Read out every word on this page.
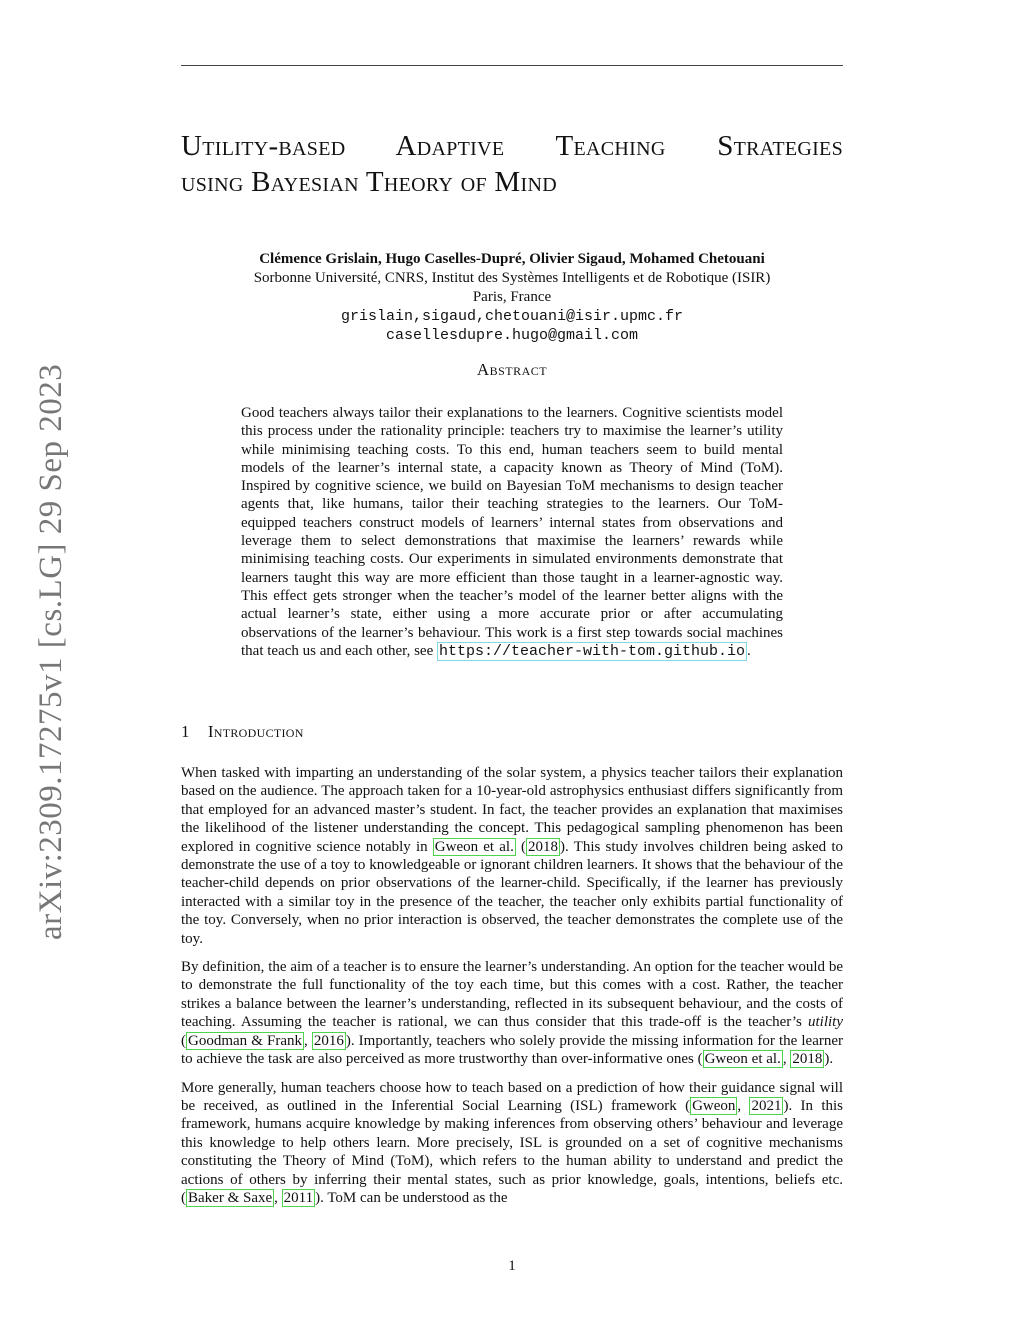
arXiv:2309.17275v1 [cs.LG] 29 Sep 2023
Utility-based Adaptive Teaching Strategies
using Bayesian Theory of Mind
Clémence Grislain, Hugo Caselles-Dupré, Olivier Sigaud, Mohamed Chetouani
Sorbonne Université, CNRS, Institut des Systèmes Intelligents et de Robotique (ISIR)
Paris, France
grislain,sigaud,chetouani@isir.upmc.fr
casellesdupre.hugo@gmail.com
Abstract
Good teachers always tailor their explanations to the learners. Cognitive scientists model this process under the rationality principle: teachers try to maximise the learner’s utility while minimising teaching costs. To this end, human teachers seem to build mental models of the learner’s internal state, a capacity known as Theory of Mind (ToM). Inspired by cognitive science, we build on Bayesian ToM mechanisms to design teacher agents that, like humans, tailor their teaching strategies to the learners. Our ToM-equipped teachers construct models of learners’ internal states from observations and leverage them to select demonstrations that maximise the learners’ rewards while minimising teaching costs. Our experiments in simulated environments demonstrate that learners taught this way are more efficient than those taught in a learner-agnostic way. This effect gets stronger when the teacher’s model of the learner better aligns with the actual learner’s state, either using a more accurate prior or after accumulating observations of the learner’s behaviour. This work is a first step towards social machines that teach us and each other, see https://teacher-with-tom.github.io .
1 Introduction

When tasked with imparting an understanding of the solar system, a physics teacher tailors their explanation based on the audience. The approach taken for a 10-year-old astrophysics enthusiast differs significantly from that employed for an advanced master’s student. In fact, the teacher provides an explanation that maximises the likelihood of the listener understanding the concept. This pedagogical sampling phenomenon has been explored in cognitive science notably in Gweon et al. ( 2018 ). This study involves children being asked to demonstrate the use of a toy to knowledgeable or ignorant children learners. It shows that the behaviour of the teacher-child depends on prior observations of the learner-child. Specifically, if the learner has previously interacted with a similar toy in the presence of the teacher, the teacher only exhibits partial functionality of the toy. Conversely, when no prior interaction is observed, the teacher demonstrates the complete use of the toy.

By definition, the aim of a teacher is to ensure the learner’s understanding. An option for the teacher would be to demonstrate the full functionality of the toy each time, but this comes with a cost. Rather, the teacher strikes a balance between the learner’s understanding, reflected in its subsequent behaviour, and the costs of teaching. Assuming the teacher is rational, we can thus consider that this trade-off is the teacher’s utility ( Goodman & Frank , 2016 ). Importantly, teachers who solely provide the missing information for the learner to achieve the task are also perceived as more trustworthy than over-informative ones ( Gweon et al. , 2018 ).

More generally, human teachers choose how to teach based on a prediction of how their guidance signal will be received, as outlined in the Inferential Social Learning (ISL) framework ( Gweon , 2021 ). In this framework, humans acquire knowledge by making inferences from observing others’ behaviour and leverage this knowledge to help others learn. More precisely, ISL is grounded on a set of cognitive mechanisms constituting the Theory of Mind (ToM), which refers to the human ability to understand and predict the actions of others by inferring their mental states, such as prior knowledge, goals, intentions, beliefs etc. ( Baker & Saxe , 2011 ). ToM can be understood as the

1
